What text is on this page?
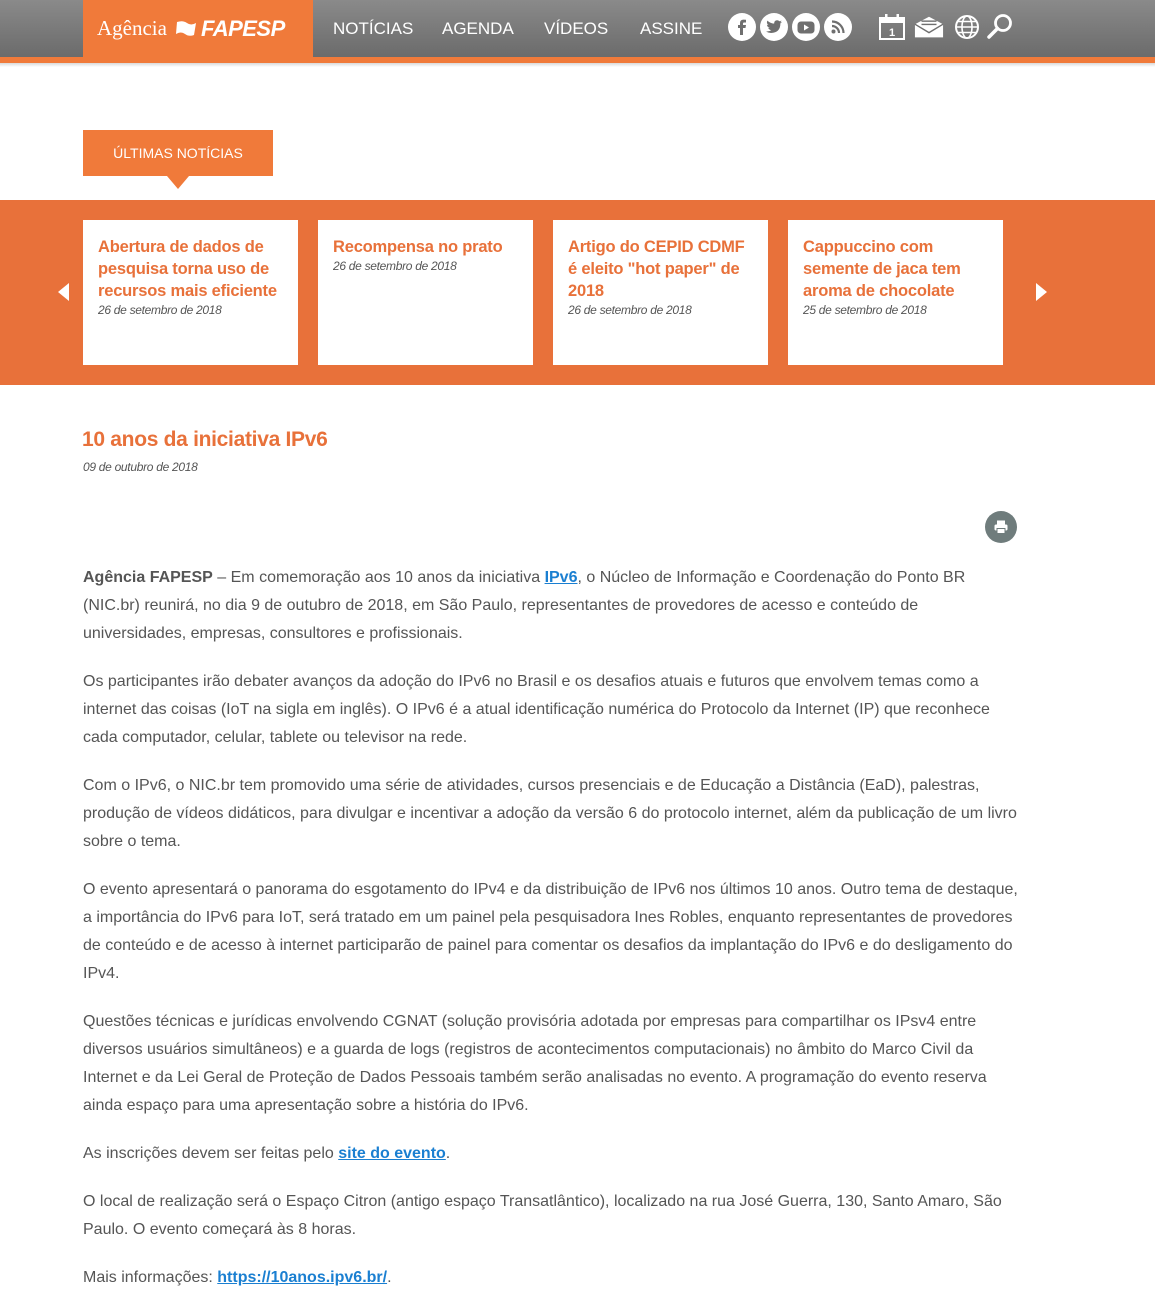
Agência FAPESP	NOTÍCIAS AGENDA VÍDEOS ASSINE	1
ÚLTIMAS NOTÍCIAS
Abertura de dados de pesquisa torna uso de recursos mais eficiente
26 de setembro de 2018
Recompensa no prato
26 de setembro de 2018
Artigo do CEPID CDMF é eleito "hot paper" de 2018
26 de setembro de 2018
Cappuccino com semente de jaca tem aroma de chocolate
25 de setembro de 2018
10 anos da iniciativa IPv6
09 de outubro de 2018

Agência FAPESP – Em comemoração aos 10 anos da iniciativa IPv6, o Núcleo de Informação e Coordenação do Ponto BR (NIC.br) reunirá, no dia 9 de outubro de 2018, em São Paulo, representantes de provedores de acesso e conteúdo de universidades, empresas, consultores e profissionais.

Os participantes irão debater avanços da adoção do IPv6 no Brasil e os desafios atuais e futuros que envolvem temas como a internet das coisas (IoT na sigla em inglês). O IPv6 é a atual identificação numérica do Protocolo da Internet (IP) que reconhece cada computador, celular, tablete ou televisor na rede.

Com o IPv6, o NIC.br tem promovido uma série de atividades, cursos presenciais e de Educação a Distância (EaD), palestras, produção de vídeos didáticos, para divulgar e incentivar a adoção da versão 6 do protocolo internet, além da publicação de um livro sobre o tema.

O evento apresentará o panorama do esgotamento do IPv4 e da distribuição de IPv6 nos últimos 10 anos. Outro tema de destaque, a importância do IPv6 para IoT, será tratado em um painel pela pesquisadora Ines Robles, enquanto representantes de provedores de conteúdo e de acesso à internet participarão de painel para comentar os desafios da implantação do IPv6 e do desligamento do IPv4.

Questões técnicas e jurídicas envolvendo CGNAT (solução provisória adotada por empresas para compartilhar os IPsv4 entre diversos usuários simultâneos) e a guarda de logs (registros de acontecimentos computacionais) no âmbito do Marco Civil da Internet e da Lei Geral de Proteção de Dados Pessoais também serão analisadas no evento. A programação do evento reserva ainda espaço para uma apresentação sobre a história do IPv6.

As inscrições devem ser feitas pelo site do evento.

O local de realização será o Espaço Citron (antigo espaço Transatlântico), localizado na rua José Guerra, 130, Santo Amaro, São Paulo. O evento começará às 8 horas.

Mais informações: https://10anos.ipv6.br/.
